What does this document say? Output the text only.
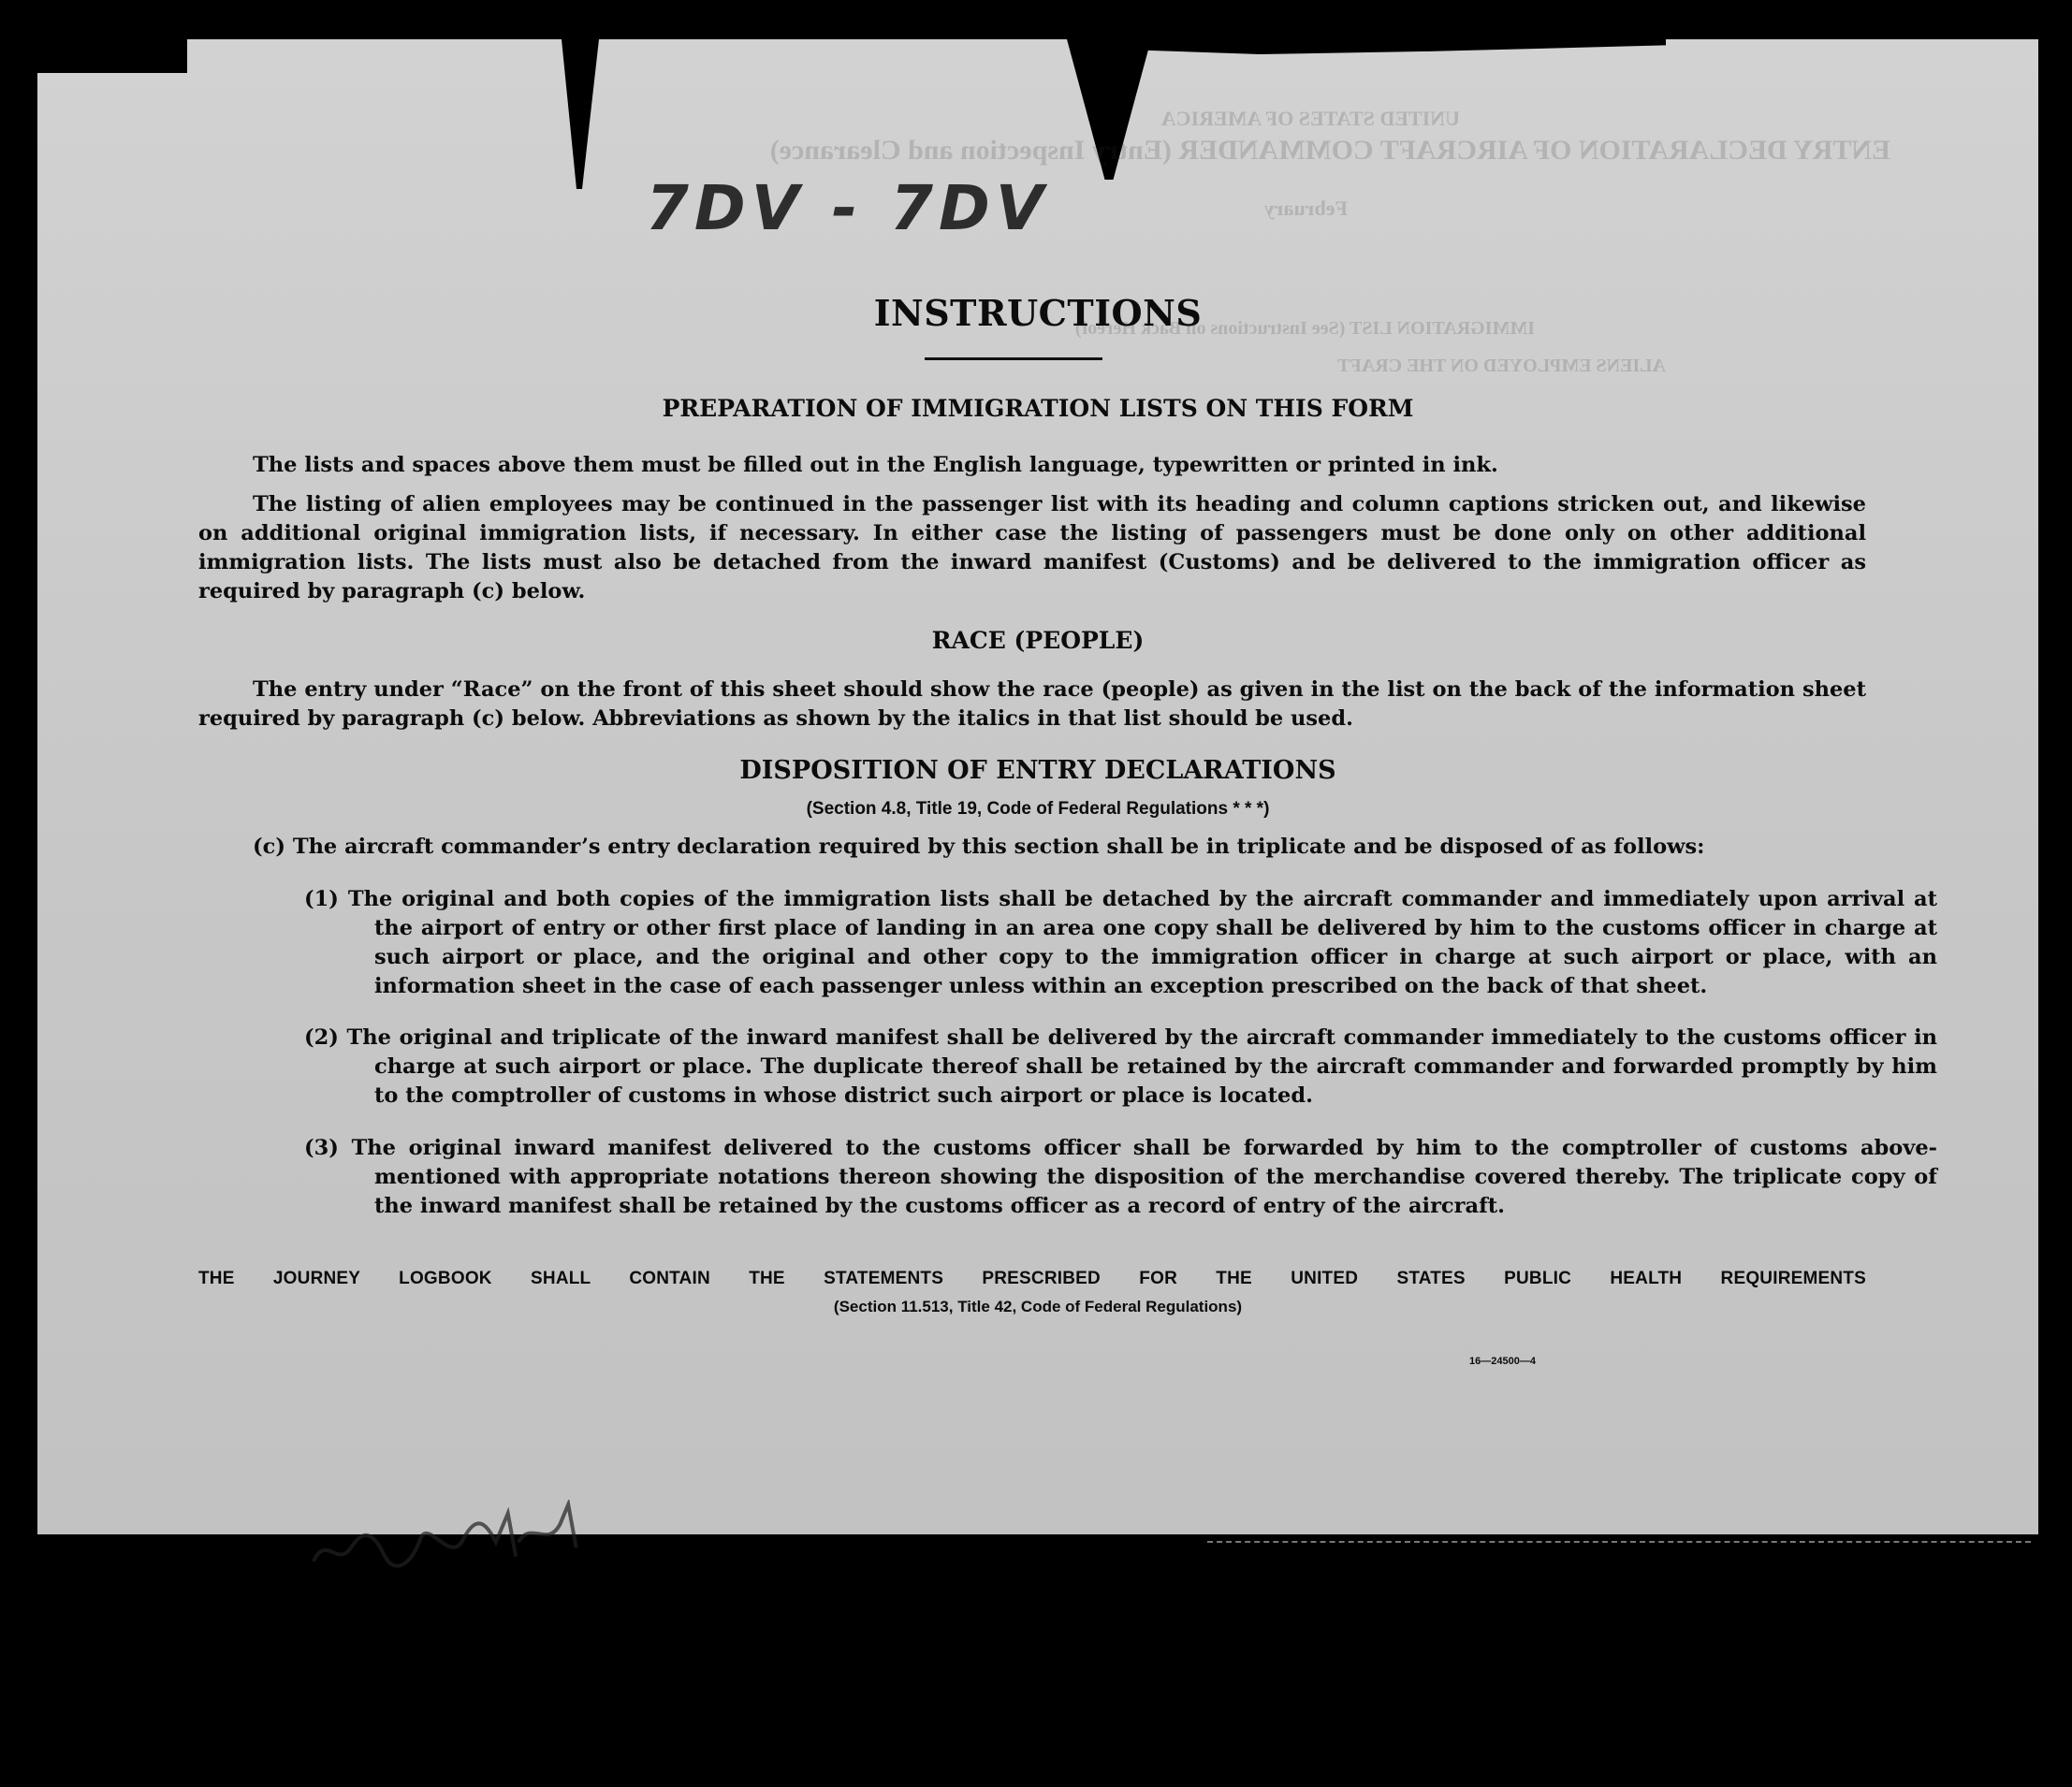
UNITED STATES OF AMERICA
ENTRY DECLARATION OF AIRCRAFT COMMANDER (Entry Inspection and Clearance)
February
IMMIGRATION LIST (See Instructions on Back Hereof)
ALIENS EMPLOYED ON THE CRAFT
7DV - 7DV
INSTRUCTIONS
PREPARATION OF IMMIGRATION LISTS ON THIS FORM
The lists and spaces above them must be filled out in the English language, typewritten or printed in ink.
The listing of alien employees may be continued in the passenger list with its heading and column captions stricken out, and likewise on additional original immigration lists, if necessary. In either case the listing of passengers must be done only on other additional immigration lists. The lists must also be detached from the inward manifest (Customs) and be delivered to the immigration officer as required by paragraph (c) below.
RACE (PEOPLE)
The entry under “Race” on the front of this sheet should show the race (people) as given in the list on the back of the information sheet required by paragraph (c) below. Abbreviations as shown by the italics in that list should be used.
DISPOSITION OF ENTRY DECLARATIONS
(Section 4.8, Title 19, Code of Federal Regulations * * *)
(c) The aircraft commander’s entry declaration required by this section shall be in triplicate and be disposed of as follows:
(1) The original and both copies of the immigration lists shall be detached by the aircraft commander and immediately upon arrival at the airport of entry or other first place of landing in an area one copy shall be delivered by him to the customs officer in charge at such airport or place, and the original and other copy to the immigration officer in charge at such airport or place, with an information sheet in the case of each passenger unless within an exception prescribed on the back of that sheet.
(2) The original and triplicate of the inward manifest shall be delivered by the aircraft commander immediately to the customs officer in charge at such airport or place. The duplicate thereof shall be retained by the aircraft commander and forwarded promptly by him to the comptroller of customs in whose district such airport or place is located.
(3) The original inward manifest delivered to the customs officer shall be forwarded by him to the comptroller of customs above-mentioned with appropriate notations thereon showing the disposition of the merchandise covered thereby. The triplicate copy of the inward manifest shall be retained by the customs officer as a record of entry of the aircraft.
THE JOURNEY LOGBOOK SHALL CONTAIN THE STATEMENTS PRESCRIBED FOR THE UNITED STATES PUBLIC HEALTH REQUIREMENTS
(Section 11.513, Title 42, Code of Federal Regulations)
16—24500—4
